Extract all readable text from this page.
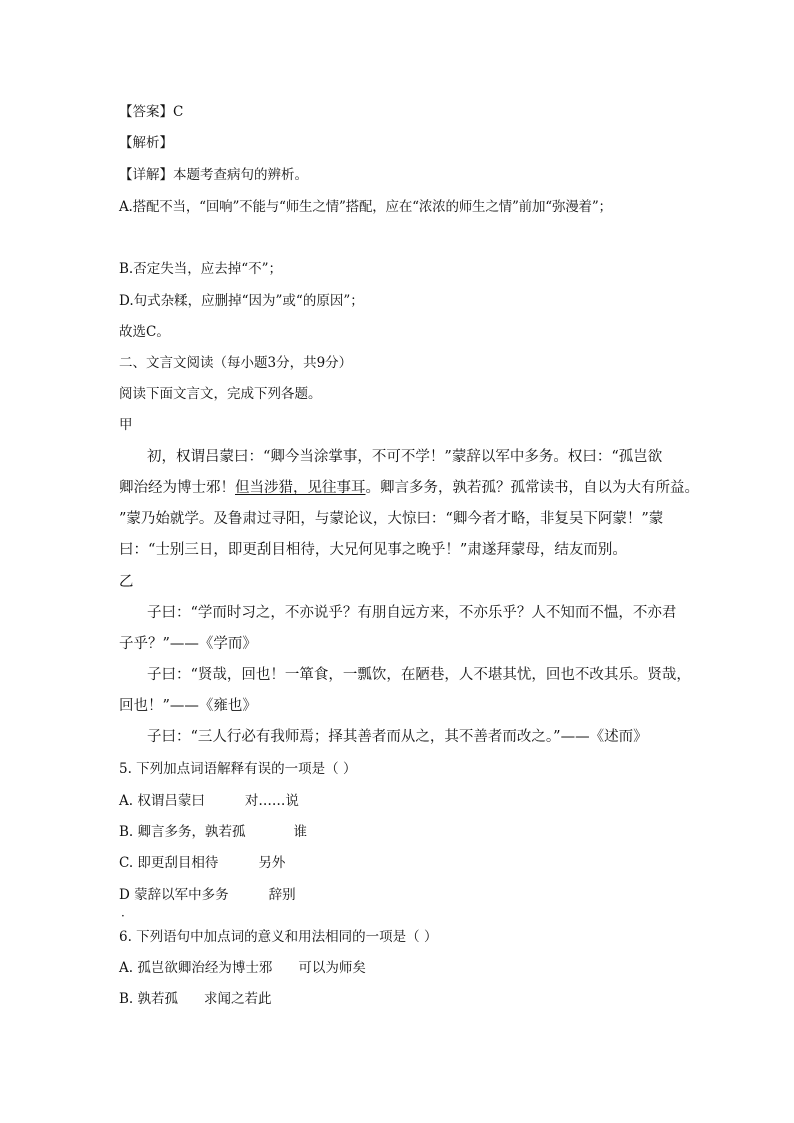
【答案】C
【解析】
【详解】本题考查病句的辨析。
A.搭配不当，“回响”不能与“师生之情”搭配，应在“浓浓的师生之情”前加“弥漫着”；
B.否定失当，应去掉“不”；
D.句式杂糅，应删掉“因为”或“的原因”；
故选C。
二、文言文阅读（每小题3分，共9分）
阅读下面文言文，完成下列各题。
甲
初，权谓吕蒙曰：“卿今当涂掌事，不可不学！”蒙辞以军中多务。权曰：“孤岂欲
卿治经为博士邪！但当涉猎，见往事耳。卿言多务，孰若孤？孤常读书，自以为大有所益。
”蒙乃始就学。及鲁肃过寻阳，与蒙论议，大惊曰：“卿今者才略，非复吴下阿蒙！”蒙
曰：“士别三日，即更刮目相待，大兄何见事之晚乎！”肃遂拜蒙母，结友而别。
乙
子曰：“学而时习之，不亦说乎？有朋自远方来，不亦乐乎？人不知而不愠，不亦君
子乎？”——《学而》
子曰：“贤哉，回也！一箪食，一瓢饮，在陋巷，人不堪其忧，回也不改其乐。贤哉，
回也！”——《雍也》
子曰：“三人行必有我师焉；择其善者而从之，其不善者而改之。”——《述而》
5. 下列加点词语解释有误的一项是（ ）
A. 权谓吕蒙曰	对……说
B. 卿言多务，孰若孤	谁
C. 即更刮目相待	另外
D 蒙辞以军中多务	辞别
·
6. 下列语句中加点词的意义和用法相同的一项是（ ）
A. 孤岂欲卿治经为博士邪 可以为师矣
B. 孰若孤 求闻之若此
